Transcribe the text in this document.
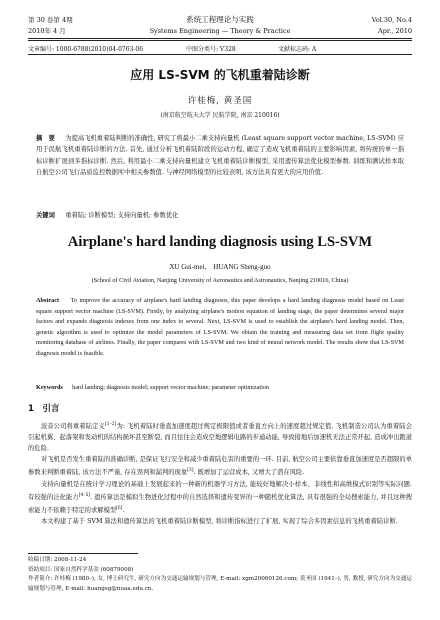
第 30 卷第 4期	系统工程理论与实践	Vol.30, No.4
2010年 4 月	Systems Engineering — Theory & Practice	Apr., 2010
文章编号: 1000-6788(2010)04-0763-06	中图分类号: V328	文献标志码: A
应用 LS-SVM 的飞机重着陆诊断
许桂梅, 黄圣国
(南京航空航天大学 民航学院, 南京 210016)
摘　要 　 为提高飞机重着陆判断的准确性, 研究了将最小二乘支持向量机 (Least square support vector machine, LS-SVM) 应用于民航飞机重着陆诊断的方法. 首先, 通过分析飞机着陆阶段的运动方程, 确定了造成飞机重着陆的主要影响因素, 将传统的单一指标诊断扩展到多指标诊断. 然后, 利用最小二乘支持向量机建立飞机重着陆诊断模型, 采用遗传算法优化模型参数. 训练和测试样本取自航空公司飞行品质监控数据库中相关参数值. 与神经网络模型的比较表明, 该方法具有更大的应用价值.
关键词 　 重着陆; 诊断模型; 支持向量机; 参数优化
Airplane's hard landing diagnosis using LS-SVM
XU Gui-mei,　HUANG Sheng-guo
(School of Civil Aviation, Nanjing University of Aeronautics and Astronautics, Nanjing 210016, China)
Abstract 　 To improve the accuracy of airplane's hard landing diagnosis, this paper develops a hard landing diagnosis model based on Least square support vector machine (LS-SVM). Firstly, by analyzing airplane's motion equation of landing stage, the paper determines several major factors and expands diagnosis indexes from one index to several. Next, LS-SVM is used to establish the airplane's hard landing model. Then, genetic algorithm is used to optimize the model parameters of LS-SVM. We obtain the training and measuring data set from flight quality monitoring database of airlines. Finally, the paper compares with LS-SVM and two kind of neural network model. The results show that LS-SVM diagnosis model is feasible.
Keywords 　 hard landing; diagnosis model; support vector machine; parameter optimization
1　引言

波音公司将重着陆定义[1–2]为: 飞机着陆时垂直加速度超过规定极限值或者垂直方向上的速度超过规定值. 飞机制造公司认为重着陆会引起机翼、起落架和发动机的结构损坏甚至断裂, 而且往往会造成空地逻辑电路的步通动能, 导致接地后加速机无法正常开起, 造成冲出跑道的危险.

对飞机是否发生重着陆的准确诊断, 是保证飞行安全和减少重着陆危害的重要的一环. 目前, 航空公司主要依靠垂直加速度是否超限的单参数来判断重着陆, 该方法不严谨, 存在误判和漏判的现象[3]. 既增加了运营成本, 又增大了潜在风险.

支持向量机是在统计学习理论的基础上发展起来的一种新的机器学习方法, 能较好地解决小样本、非线性和高维模式识别等实际问题. 有较强的泛化能力[4–5]. 遗传算法是模拟生物进化过程中的自然选择和遗传变异的一种随机优化算法, 具有很强的全局搜索能力, 并且这种搜索能力不依赖于特定的求解模型[6].

本文构建了基于 SVM 算法和遗传算法的飞机重着陆诊断模型, 将诊断指标进行了扩展, 实现了综合多因素信息的飞机重着陆诊断.

收稿日期: 2008-11-24
资助项目: 国家自然科学基金 (60879008)
作者简介: 许桂梅 (1980–), 女, 博士研究生, 研究方向为交通运输规划与管理, E-mail: xgm20060126.com; 黄圣国 (1941–), 男, 教授, 研究方向为交通运输规划与管理, E-mail: huangsg@nuaa.edu.cn.
